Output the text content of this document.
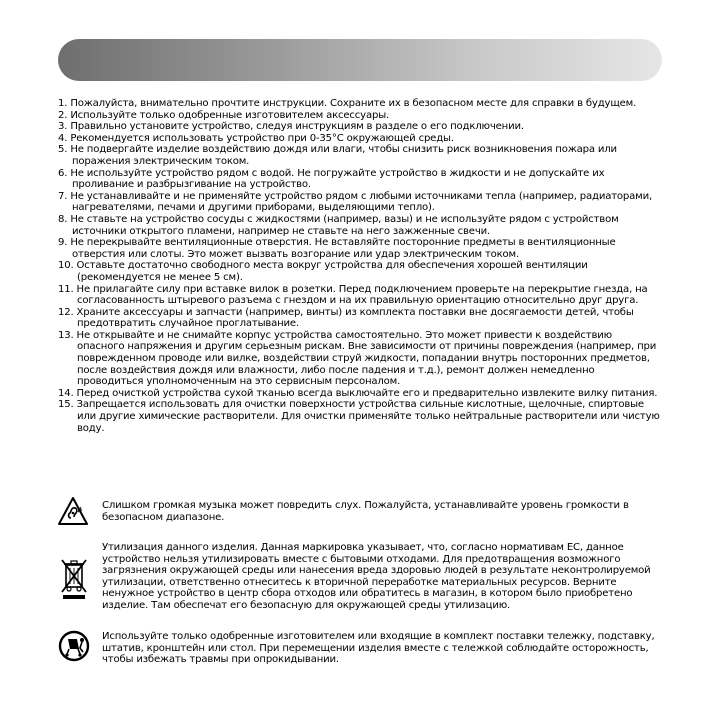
1. Пожалуйста, внимательно прочтите инструкции. Сохраните их в безопасном месте для справки в будущем.
2. Используйте только одобренные изготовителем аксессуары.
3. Правильно установите устройство, следуя инструкциям в разделе о его подключении.
4. Рекомендуется использовать устройство при 0-35°C окружающей среды.
5. Не подвергайте изделие воздействию дождя или влаги, чтобы снизить риск возникновения пожара или поражения электрическим током.
6. Не используйте устройство рядом с водой. Не погружайте устройство в жидкости и не допускайте их проливание и разбрызгивание на устройство.
7. Не устанавливайте и не применяйте устройство рядом с любыми источниками тепла (например, радиаторами, нагревателями, печами и другими приборами, выделяющими тепло).
8. Не ставьте на устройство сосуды с жидкостями (например, вазы) и не используйте рядом с устройством источники открытого пламени, например не ставьте на него зажженные свечи.
9. Не перекрывайте вентиляционные отверстия. Не вставляйте посторонние предметы в вентиляционные отверстия или слоты. Это может вызвать возгорание или удар электрическим током.
10. Оставьте достаточно свободного места вокруг устройства для обеспечения хорошей вентиляции (рекомендуется не менее 5 см).
11. Не прилагайте силу при вставке вилок в розетки. Перед подключением проверьте на перекрытие гнезда, на согласованность штыревого разъема с гнездом и на их правильную ориентацию относительно друг друга.
12. Храните аксессуары и запчасти (например, винты) из комплекта поставки вне досягаемости детей, чтобы предотвратить случайное проглатывание.
13. Не открывайте и не снимайте корпус устройства самостоятельно. Это может привести к воздействию опасного напряжения и другим серьезным рискам. Вне зависимости от причины повреждения (например, при поврежденном проводе или вилке, воздействии струй жидкости, попадании внутрь посторонних предметов, после воздействия дождя или влажности, либо после падения и т.д.), ремонт должен немедленно проводиться уполномоченным на это сервисным персоналом.
14. Перед очисткой устройства сухой тканью всегда выключайте его и предварительно извлеките вилку питания.
15. Запрещается использовать для очистки поверхности устройства сильные кислотные, щелочные, спиртовые или другие химические растворители. Для очистки применяйте только нейтральные растворители или чистую воду.
Слишком громкая музыка может повредить слух. Пожалуйста, устанавливайте уровень громкости в безопасном диапазоне.
Утилизация данного изделия. Данная маркировка указывает, что, согласно нормативам ЕС, данное устройство нельзя утилизировать вместе с бытовыми отходами. Для предотвращения возможного загрязнения окружающей среды или нанесения вреда здоровью людей в результате неконтролируемой утилизации, ответственно отнеситесь к вторичной переработке материальных ресурсов. Верните ненужное устройство в центр сбора отходов или обратитесь в магазин, в котором было приобретено изделие. Там обеспечат его безопасную для окружающей среды утилизацию.
Используйте только одобренные изготовителем или входящие в комплект поставки тележку, подставку, штатив, кронштейн или стол. При перемещении изделия вместе с тележкой соблюдайте осторожность, чтобы избежать травмы при опрокидывании.
